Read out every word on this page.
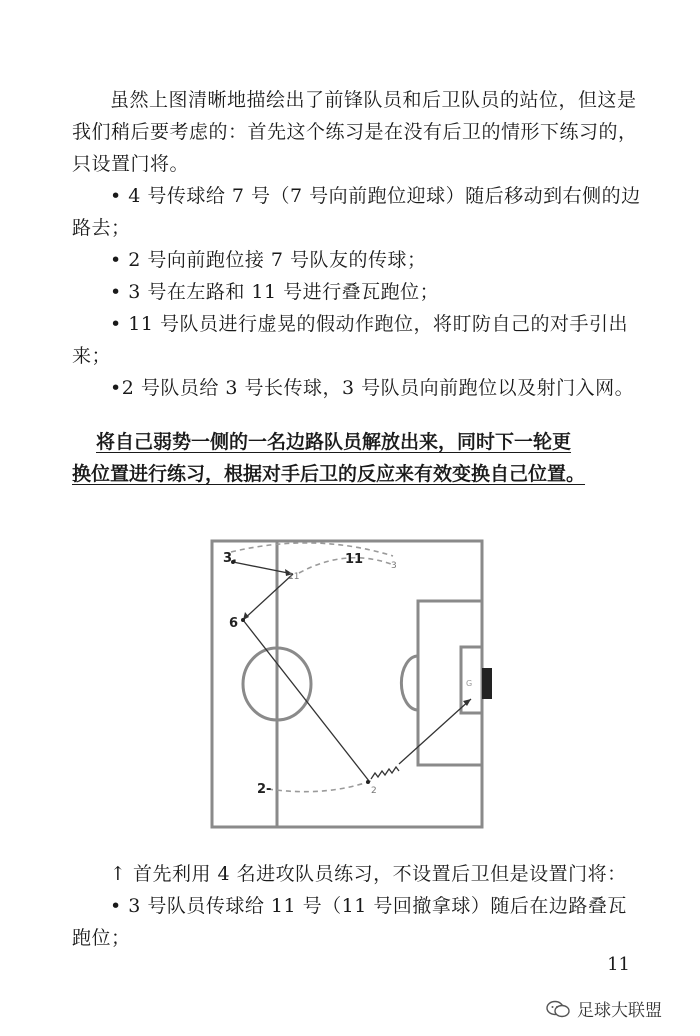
虽然上图清晰地描绘出了前锋队员和后卫队员的站位，但这是我们稍后要考虑的：首先这个练习是在没有后卫的情形下练习的，只设置门将。

• 4 号传球给 7 号（7 号向前跑位迎球）随后移动到右侧的边路去；

• 2 号向前跑位接 7 号队友的传球；

• 3 号在左路和 11 号进行叠瓦跑位；

• 11 号队员进行虚晃的假动作跑位，将盯防自己的对手引出来；

•2 号队员给 3 号长传球，3 号队员向前跑位以及射门入网。

将自己弱势一侧的一名边路队员解放出来，同时下一轮更
换位置进行练习，根据对手后卫的反应来有效变换自己位置。

3.
11
11	3
6
2-	2
G

↑ 首先利用 4 名进攻队员练习，不设置后卫但是设置门将：

• 3 号队员传球给 11 号（11 号回撤拿球）随后在边路叠瓦跑位；

11
足球大联盟
